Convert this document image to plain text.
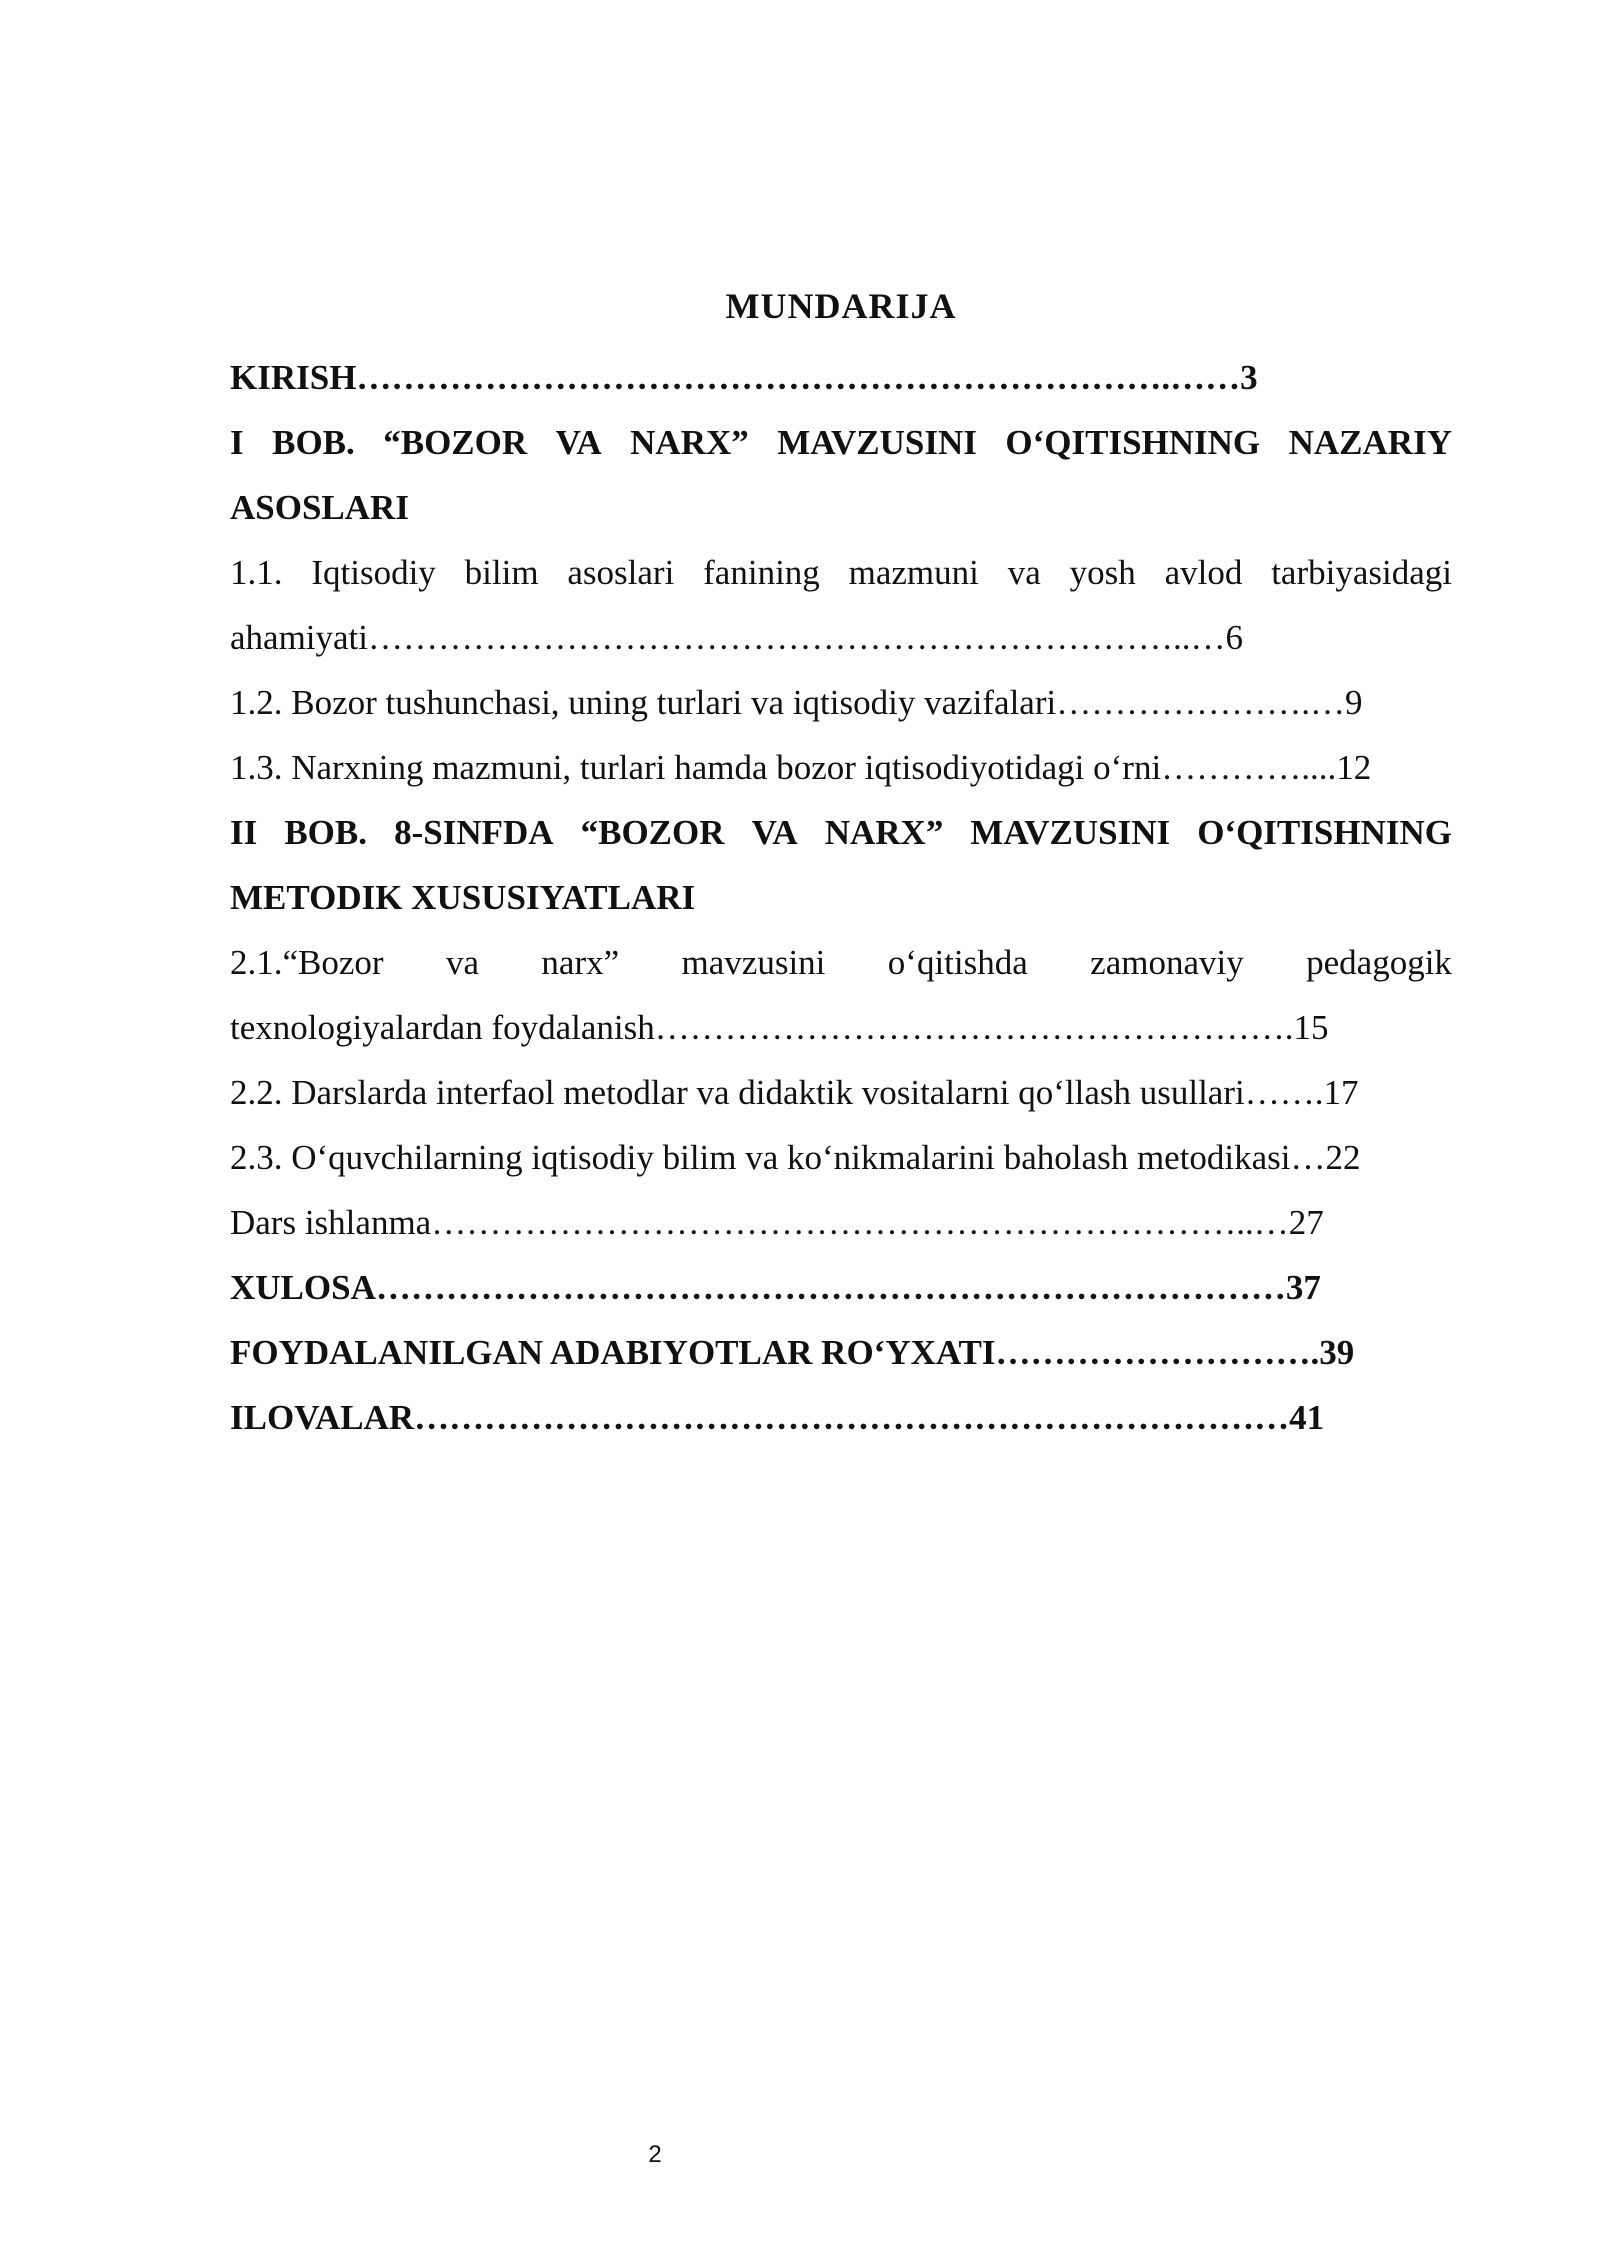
MUNDARIJA
KIRISH…………………………………………………………….……3
I BOB. “BOZOR VA NARX” MAVZUSINI O‘QITISHNING NAZARIY
ASOSLARI
1.1. Iqtisodiy bilim asoslari fanining mazmuni va yosh avlod tarbiyasidagi
ahamiyati……………………………………………………………..…6
1.2. Bozor tushunchasi, uning turlari va iqtisodiy vazifalari………………….…9
1.3. Narxning mazmuni, turlari hamda bozor iqtisodiyotidagi o‘rni…………....12
II BOB. 8-SINFDA “BOZOR VA NARX” MAVZUSINI O‘QITISHNING
METODIK XUSUSIYATLARI
2.1.“Bozor va narx” mavzusini o‘qitishda zamonaviy pedagogik
texnologiyalardan foydalanish……………………………………………….15
2.2. Darslarda interfaol metodlar va didaktik vositalarni qo‘llash usullari…….17
2.3. O‘quvchilarning iqtisodiy bilim va ko‘nikmalarini baholash metodikasi…22
Dars ishlanma……………………………………………………………..…27
XULOSA……………………………………………………………………37
FOYDALANILGAN ADABIYOTLAR RO‘YXATI……………………….39
ILOVALAR…………………………………………………………………41
2
